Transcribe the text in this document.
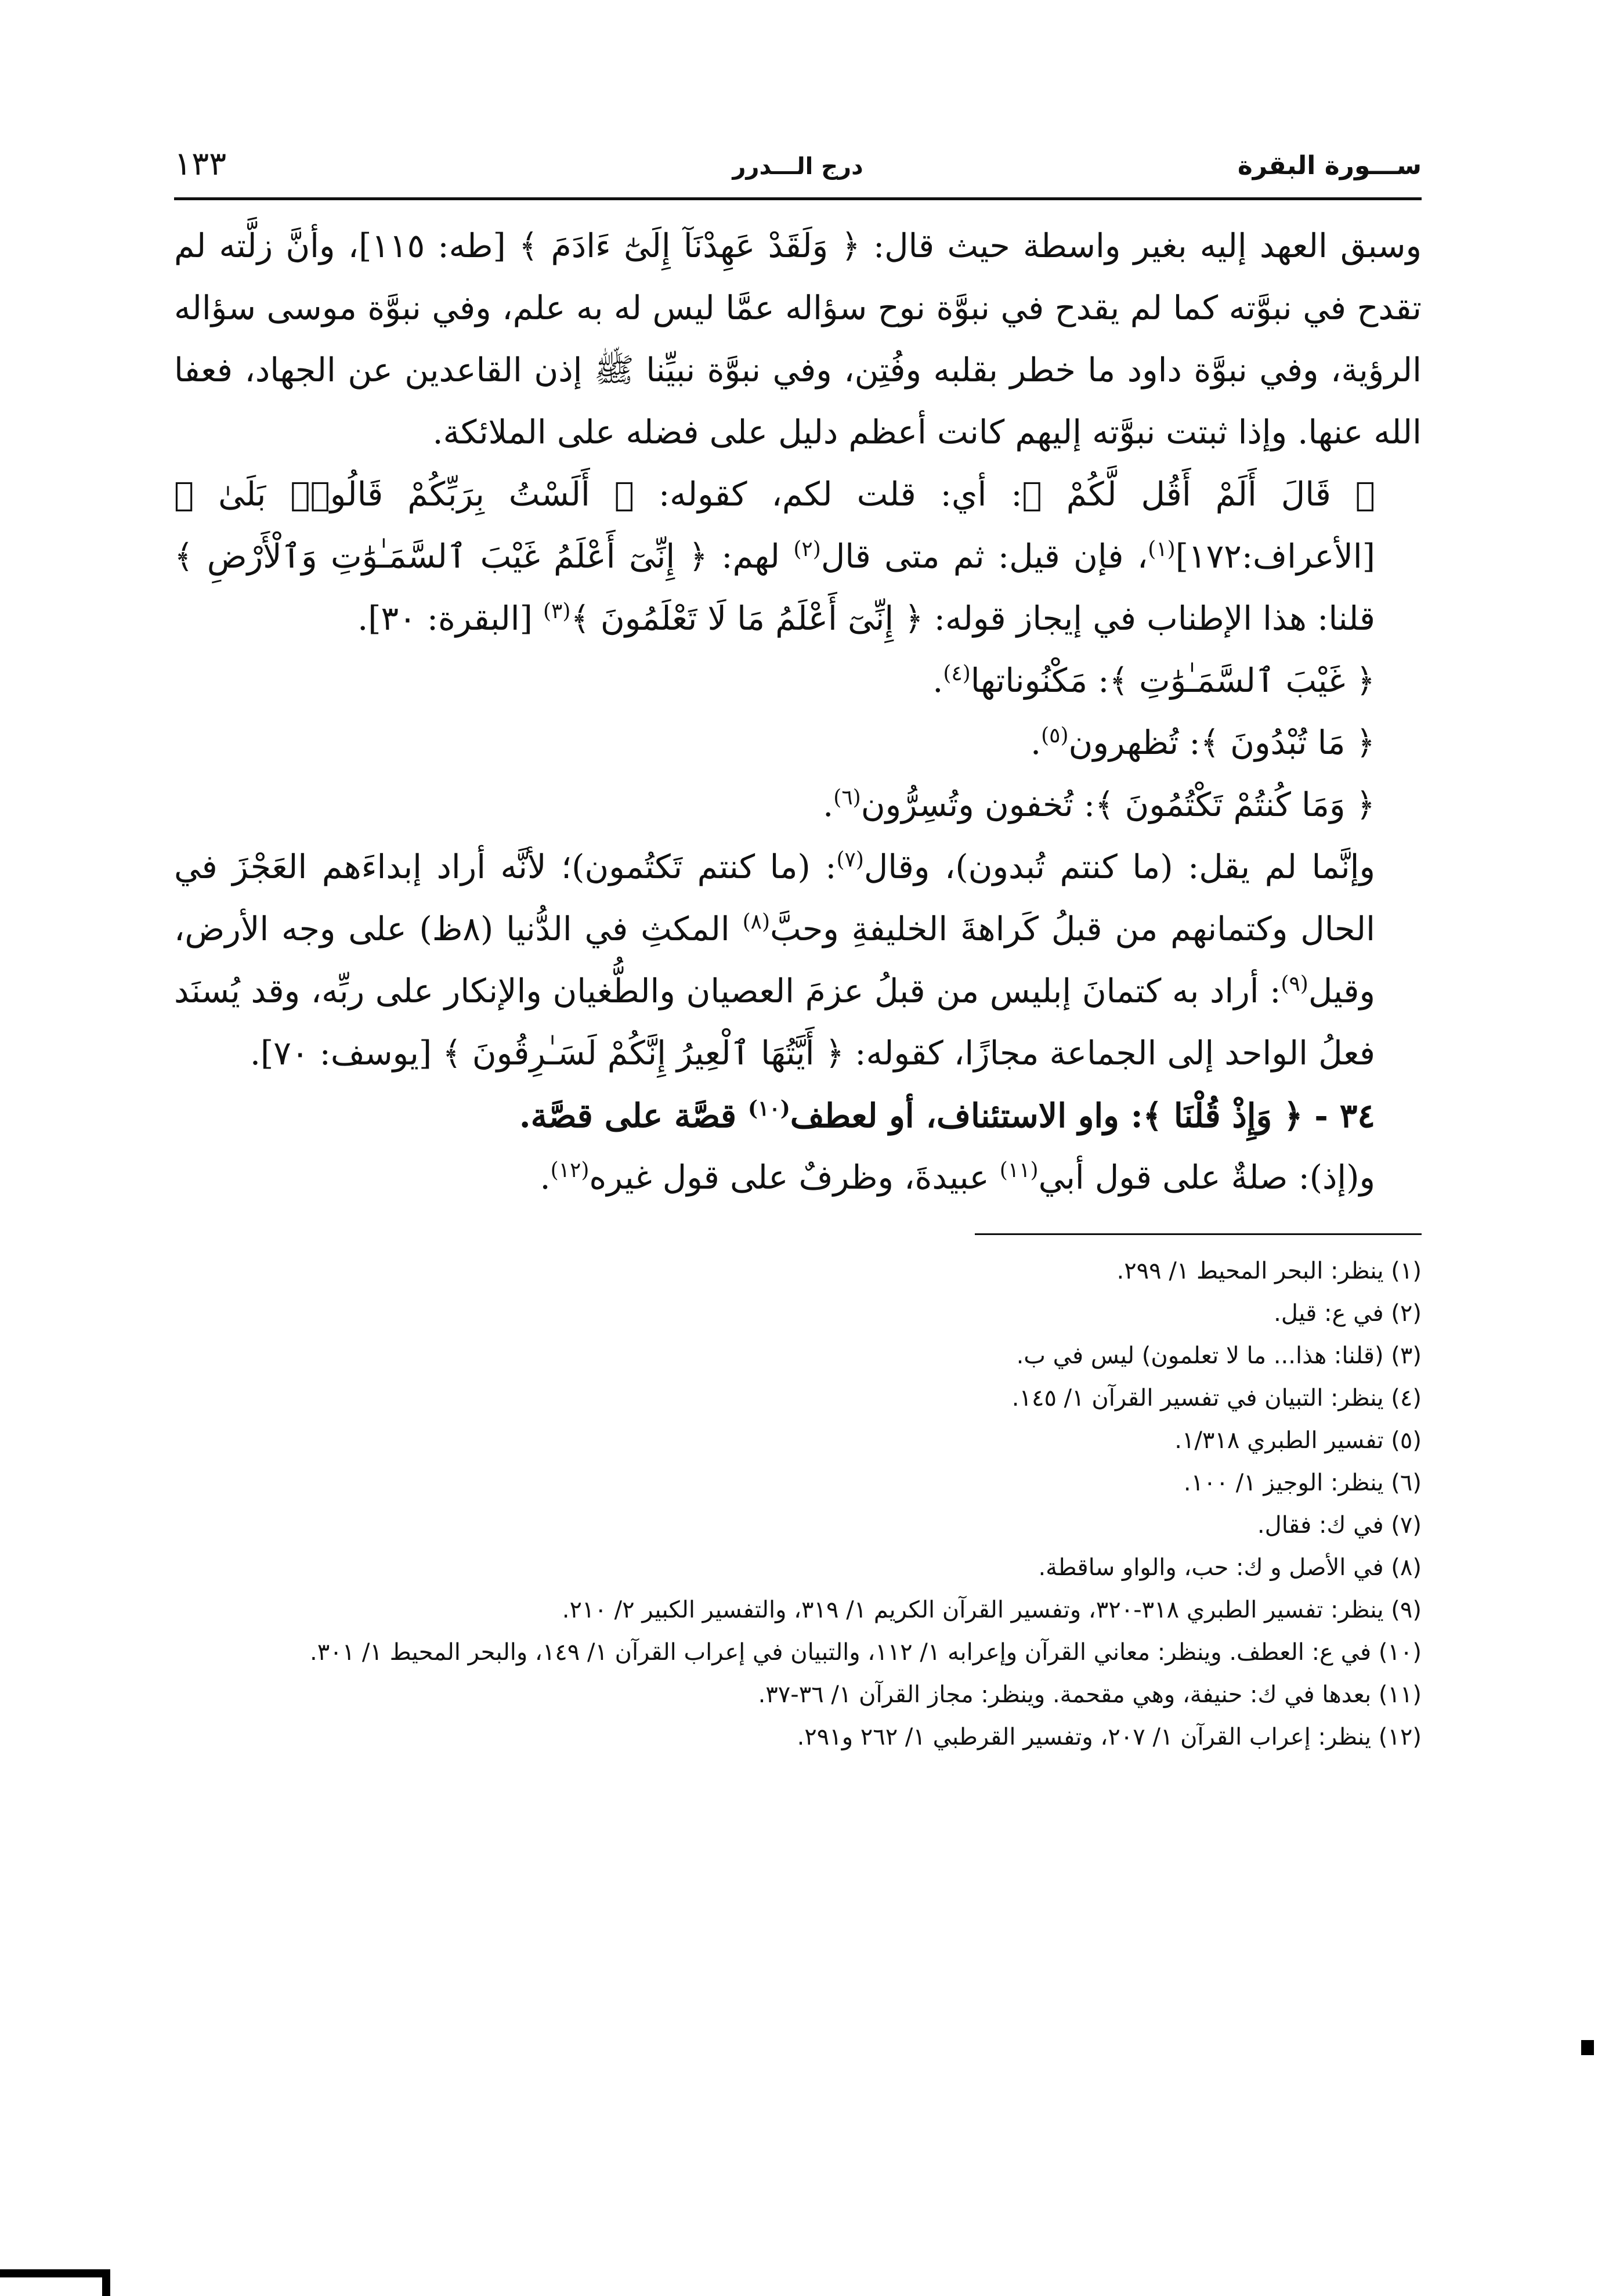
ســـورة البقرة
درج الـــدرر
١٣٣

وسبق العهد إليه بغير واسطة حيث قال: ﴿ وَلَقَدْ عَهِدْنَآ إِلَىٰٓ ءَادَمَ ﴾ [طه: ١١٥]، وأنَّ زلَّته لم تقدح في نبوَّته كما لم يقدح في نبوَّة نوح سؤاله عمَّا ليس له به علم، وفي نبوَّة موسى سؤاله الرؤية، وفي نبوَّة داود ما خطر بقلبه وفُتِن، وفي نبوَّة نبيِّنا ﷺ إذن القاعدين عن الجهاد، فعفا الله عنها. وإذا ثبتت نبوَّته إليهم كانت أعظم دليل على فضله على الملائكة.

﴿ قَالَ أَلَمْ أَقُل لَّكُمْ ﴾: أي: قلت لكم، كقوله: ﴿ أَلَسْتُ بِرَبِّكُمْ قَالُوا۟ بَلَىٰ ﴾ [الأعراف:١٧٢]$^{(١)}$، فإن قيل: ثم متى قال$^{(٢)}$ لهم: ﴿ إِنِّىٓ أَعْلَمُ غَيْبَ ٱلسَّمَـٰوَٰتِ وَٱلْأَرْضِ ﴾ قلنا: هذا الإطناب في إيجاز قوله: ﴿ إِنِّىٓ أَعْلَمُ مَا لَا تَعْلَمُونَ ﴾$^{(٣)}$ [البقرة: ٣٠].

﴿ غَيْبَ ٱلسَّمَـٰوَٰتِ ﴾: مَكْنُوناتها$^{(٤)}$.

﴿ مَا تُبْدُونَ ﴾: تُظهرون$^{(٥)}$.

﴿ وَمَا كُنتُمْ تَكْتُمُونَ ﴾: تُخفون وتُسِرُّون$^{(٦)}$.

وإنَّما لم يقل: (ما كنتم تُبدون)، وقال$^{(٧)}$: (ما كنتم تَكتُمون)؛ لأنَّه أراد إبداءَهم العَجْزَ في الحال وكتمانهم من قبلُ كَراهةَ الخليفةِ وحبَّ$^{(٨)}$ المكثِ في الدُّنيا (٨ظ) على وجه الأرض، وقيل$^{(٩)}$: أراد به كتمانَ إبليس من قبلُ عزمَ العصيان والطُّغيان والإنكار على ربِّه، وقد يُسنَد فعلُ الواحد إلى الجماعة مجازًا، كقوله: ﴿ أَيَّتُهَا ٱلْعِيرُ إِنَّكُمْ لَسَـٰرِقُونَ ﴾ [يوسف: ٧٠].

٣٤ - ﴿ وَإِذْ قُلْنَا ﴾: واو الاستئناف، أو لعطف$^{(١٠)}$ قصَّة على قصَّة.

و(إذ): صلةٌ على قول أبي$^{(١١)}$ عبيدةَ، وظرفٌ على قول غيره$^{(١٢)}$.

(١) ينظر: البحر المحيط ١/ ٢٩٩.

(٢) في ع: قيل.

(٣) (قلنا: هذا... ما لا تعلمون) ليس في ب.

(٤) ينظر: التبيان في تفسير القرآن ١/ ١٤٥.

(٥) تفسير الطبري ١/٣١٨.

(٦) ينظر: الوجيز ١/ ١٠٠.

(٧) في ك: فقال.

(٨) في الأصل و ك: حب، والواو ساقطة.

(٩) ينظر: تفسير الطبري ٣١٨-٣٢٠، وتفسير القرآن الكريم ١/ ٣١٩، والتفسير الكبير ٢/ ٢١٠.

(١٠) في ع: العطف. وينظر: معاني القرآن وإعرابه ١/ ١١٢، والتبيان في إعراب القرآن ١/ ١٤٩، والبحر المحيط ١/ ٣٠١.

(١١) بعدها في ك: حنيفة، وهي مقحمة. وينظر: مجاز القرآن ١/ ٣٦-٣٧.

(١٢) ينظر: إعراب القرآن ١/ ٢٠٧، وتفسير القرطبي ١/ ٢٦٢ و٢٩١.
